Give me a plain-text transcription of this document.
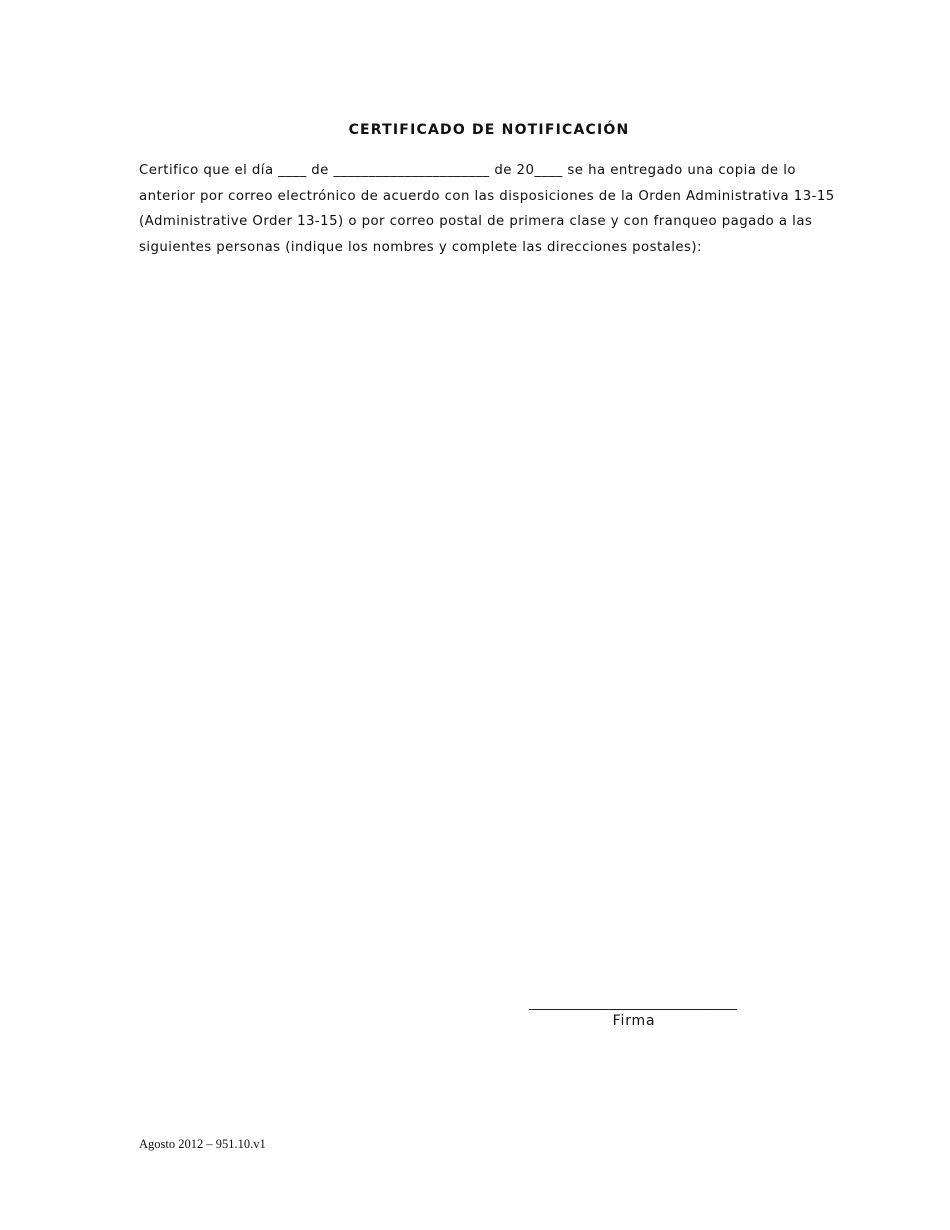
CERTIFICADO DE NOTIFICACIÓN

Certifico que el día ____ de ______________________ de 20____ se ha entregado una copia de lo anterior por correo electrónico de acuerdo con las disposiciones de la Orden Administrativa 13-15 (Administrative Order 13-15) o por correo postal de primera clase y con franqueo pagado a las siguientes personas (indique los nombres y complete las direcciones postales):

________________________________
Firma
Agosto 2012 – 951.10.v1
